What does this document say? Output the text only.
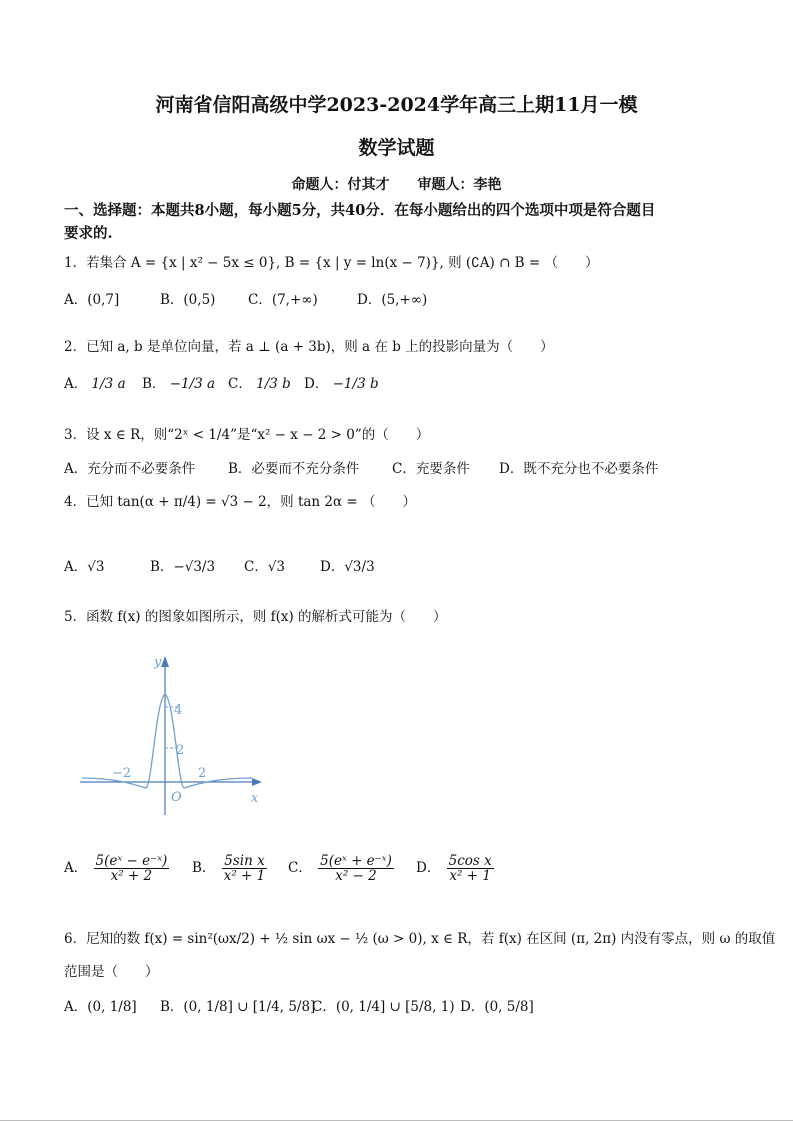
河南省信阳高级中学2023-2024学年高三上期11月一模
数学试题
命题人：付其才　　审题人：李艳
一、选择题：本题共8小题，每小题5分，共40分．在每小题给出的四个选项中项是符合题目
要求的.
1．若集合 A = {x | x² − 5x ≤ 0}, B = {x | y = ln(x − 7)}, 则 (∁A) ∩ B = （　　）
A．(0,7]	B．(0,5) C．(7,+∞)	D．(5,+∞)
2．已知 a, b 是单位向量，若 a ⊥ (a + 3b)，则 a 在 b 上的投影向量为（　　）
A． 1/3 a B． −1/3 a C． 1/3 b D． −1/3 b
3．设 x ∈ R，则“2ˣ < 1/4”是“x² − x − 2 > 0”的（　　）
A．充分而不必要条件 B．必要而不充分条件 C．充要条件 D．既不充分也不必要条件
4．已知 tan(α + π/4) = √3 − 2，则 tan 2α = （　　）
A．√3	B．−√3/3 C．√3	D．√3/3
5．函数 f(x) 的图象如图所示，则 f(x) 的解析式可能为（　　）
y
x
O
4
2
−2	2
A． $\frac{\text{5(eˣ − e⁻ˣ)}}{\text{x² + 2}}$ B． $\frac{\text{5sin x}}{\text{x² + 1}}$ C． $\frac{\text{5(eˣ + e⁻ˣ)}}{\text{x² − 2}}$ D． $\frac{\text{5cos x}}{\text{x² + 1}}$
6．尼知的数 f(x) = sin²(ωx/2) + ½ sin ωx − ½ (ω > 0), x ∈ R，若 f(x) 在区间 (π, 2π) 内没有零点，则 ω 的取值
范围是（　　）
A．(0, 1/8] B．(0, 1/8] ∪ [1/4, 5/8]
C．(0, 1/4] ∪ [5/8, 1) D．(0, 5/8]
